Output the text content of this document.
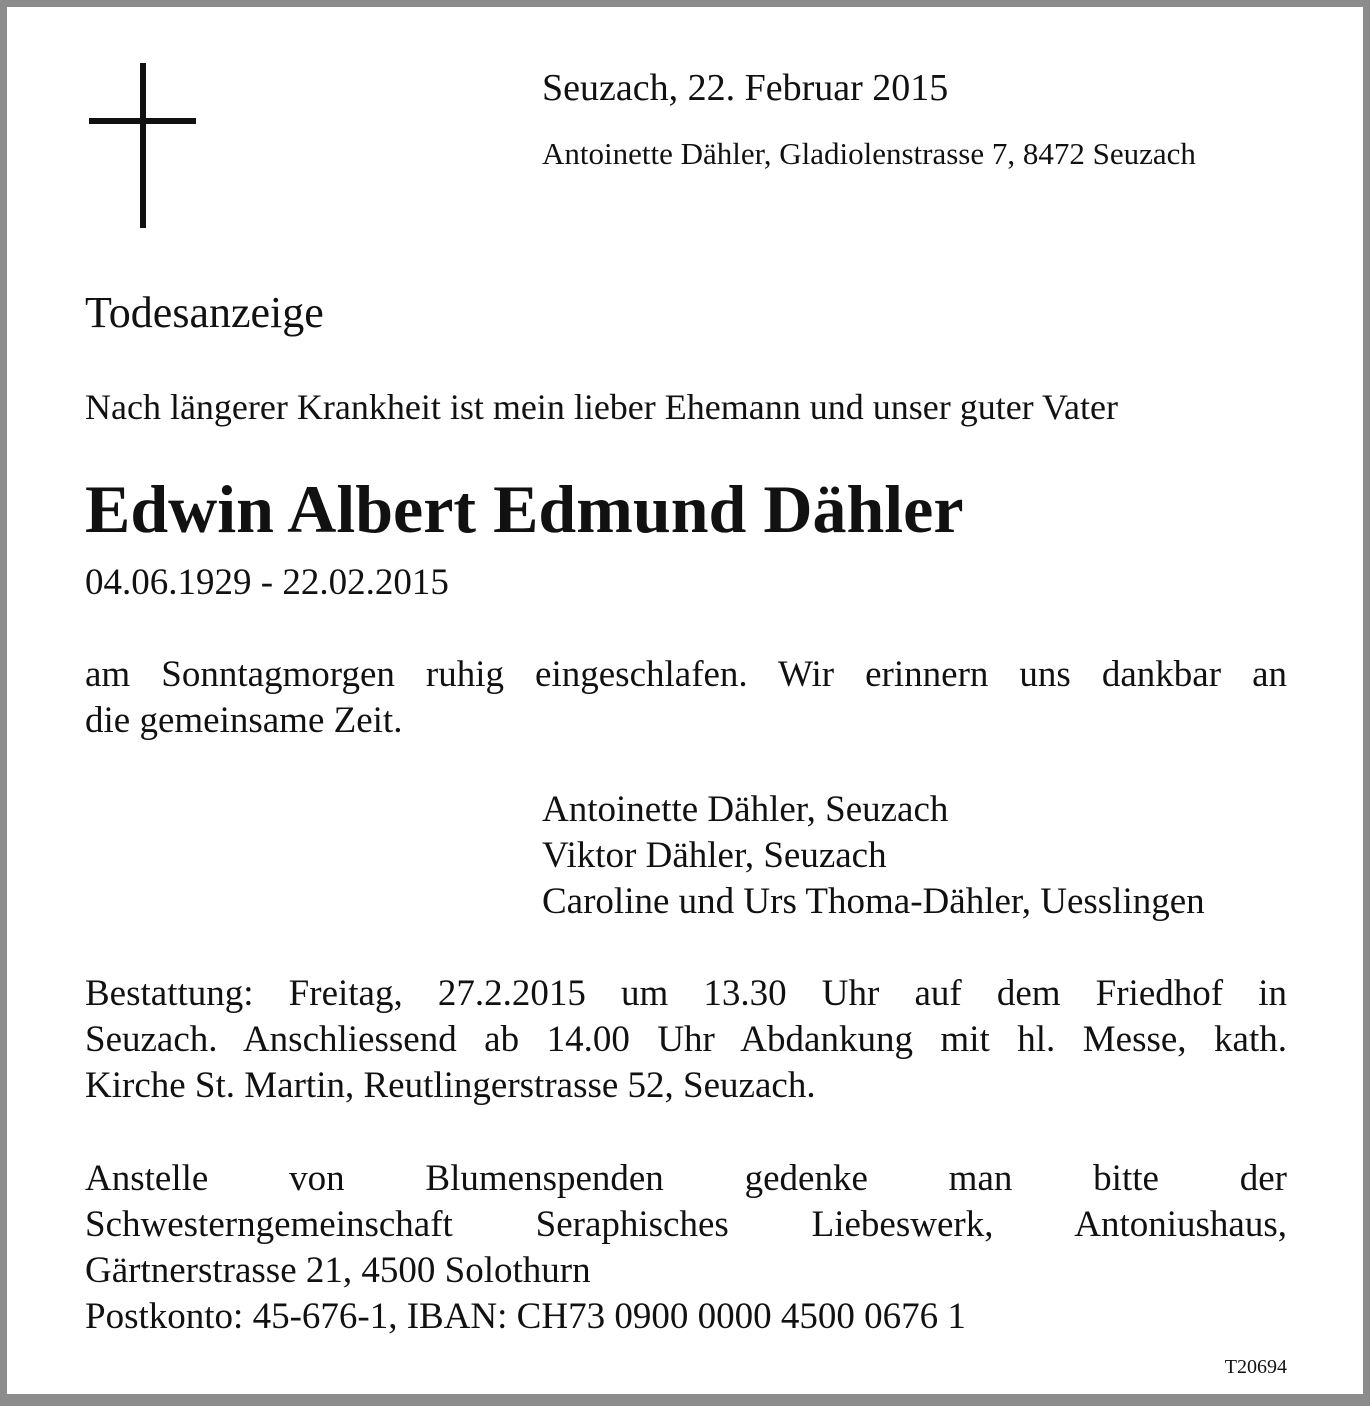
Seuzach, 22. Februar 2015
Antoinette Dähler, Gladiolenstrasse 7, 8472 Seuzach
Todesanzeige
Nach längerer Krankheit ist mein lieber Ehemann und unser guter Vater
Edwin Albert Edmund Dähler
04.06.1929 - 22.02.2015
am Sonntagmorgen ruhig eingeschlafen. Wir erinnern uns dankbar an
die gemeinsame Zeit.
Antoinette Dähler, Seuzach
Viktor Dähler, Seuzach
Caroline und Urs Thoma-Dähler, Uesslingen
Bestattung: Freitag, 27.2.2015 um 13.30 Uhr auf dem Friedhof in
Seuzach. Anschliessend ab 14.00 Uhr Abdankung mit hl. Messe, kath.
Kirche St. Martin, Reutlingerstrasse 52, Seuzach.
Anstelle von Blumenspenden gedenke man bitte der
Schwesterngemeinschaft Seraphisches Liebeswerk, Antoniushaus,
Gärtnerstrasse 21, 4500 Solothurn
Postkonto: 45-676-1, IBAN: CH73 0900 0000 4500 0676 1
T20694
